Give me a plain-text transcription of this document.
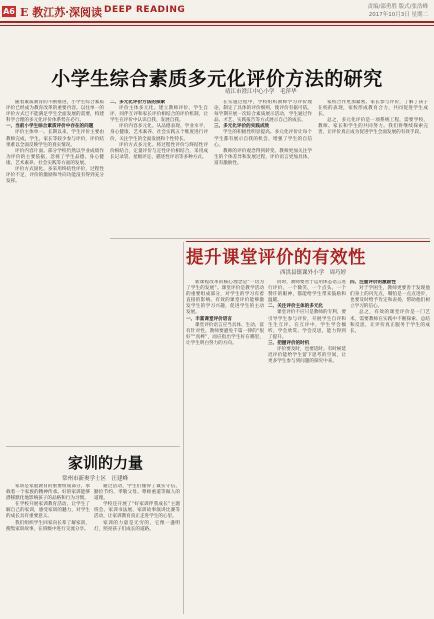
A6 E 教江苏·深阅读 DEEP READING	责编/邵勇胜 版式/张浩峰
2017年10月3日 星期二
小学生综合素质多元化评价方法的研究
靖江市澄江中心小学　毛萍华

随着素质教育的不断推进，小学生综合素质评价已经成为教育改革的重要内容。以往单一的评价方式已不能满足学生全面发展的需要，构建科学合理的多元化评价体系势在必行。

一、当前小学生综合素质评价中存在的问题

评价主体单一。长期以来，学生评价主要由教师完成，学生、家长等较少参与评价，评价结果难以全面反映学生的真实情况。

评价内容片面。部分学校仍然以学业成绩作为评价的主要依据，忽视了学生品德、身心健康、艺术素养、社会实践等方面的发展。

评价方式固化。多采用终结性评价，过程性评价不足，评价的激励和导向功能没有得到充分发挥。

二、多元化评价方法的探索

评价主体多元化。建立教师评价、学生自评、同伴互评和家长评价相结合的评价机制，让学生在评价中认识自我、发展自我。

评价内容多元化。从品德表现、学业水平、身心健康、艺术素养、社会实践五个维度进行评价，关注学生的全面发展和个性特长。

评价方式多元化。将过程性评价与终结性评价相结合，定量评价与定性评价相结合，采用成长记录袋、星级评定、描述性评语等多种方式。

在实施过程中，学校组织教师学习评价理论，制定了具体的评价细则，使评价有据可依。每学期开展一次综合素质展示活动，学生通过作品、才艺、实践报告等方式展示自己的成长。

三、多元化评价的实践成效

学生的积极性明显提高。多元化评价让每个学生都有展示自我的机会，增强了学生的自信心。

教师的评价观念得到转变。教师更加关注学生的个体差异和发展过程，评价语言更加具体、富有激励性。

家校合作更加紧密。家长参与评价，了解了孩子在校的表现，家校形成教育合力，共同促进学生成长。

总之，多元化评价是一项系统工程，需要学校、教师、家长和学生的共同努力。我们将继续探索完善，让评价真正成为促进学生全面发展的有效手段。

提升课堂评价的有效性
西洪县镇课外小学　周巧婷

新课程改革的核心理念是“一切为了学生的发展”。课堂评价是教学活动的重要组成部分，对学生的学习有着直接的影响。有效的课堂评价能够激发学生的学习兴趣，促进学生的主动发展。

一、丰富课堂评价语言

课堂评价语言应当具体、生动、富有针对性。教师要避免千篇一律的“很好”“真棒”，而应指出学生好在哪里，让学生明白努力的方向。

同时，教师要善于运用体态语言进行评价，一个微笑、一个点头、一个赞许的眼神，都能给学生带来鼓励和温暖。

二、关注评价主体的多元化

课堂评价不应只是教师的专利，要引导学生参与评价，开展学生自评和生生互评。在互评中，学生学会倾听、学会欣赏、学会反思，能力得到了提升。

三、把握评价的时机

评价要及时，也要适时。有时候延迟评价能给学生留下思考的空间，让更多学生参与到问题的探究中来。

四、注重评价的激励性

对于学困生，教师更要善于发现他们身上的闪光点，哪怕是一点点进步，也要及时给予肯定和表扬，帮助他们树立学习的信心。

总之，有效的课堂评价是一门艺术，需要教师在实践中不断探索、总结和反思，让评价真正服务于学生的成长。

家训的力量
常州市新奥学士区　汪建峰

家训是家庭教育的重要组成部分，承载着一个家族的精神传承。好的家训能够潜移默化地影响孩子的品格和行为习惯。

在学校开展家训教育活动，让学生了解自己的家训，感受家训的魅力，对学生的成长具有重要意义。

我们组织学生回家向长辈了解家训，搜集家训故事，在班级中进行交流分享。

通过活动，学生们懂得了诚实守信、勤俭节约、孝敬父母、尊师重道等做人的道理。

学校还开展了“好家训伴我成长”主题班会、家训书法展、家训故事演讲比赛等活动，让家训教育真正走进学生的心里。

家训的力量是无穷的，它像一盏明灯，照亮孩子们成长的道路。
